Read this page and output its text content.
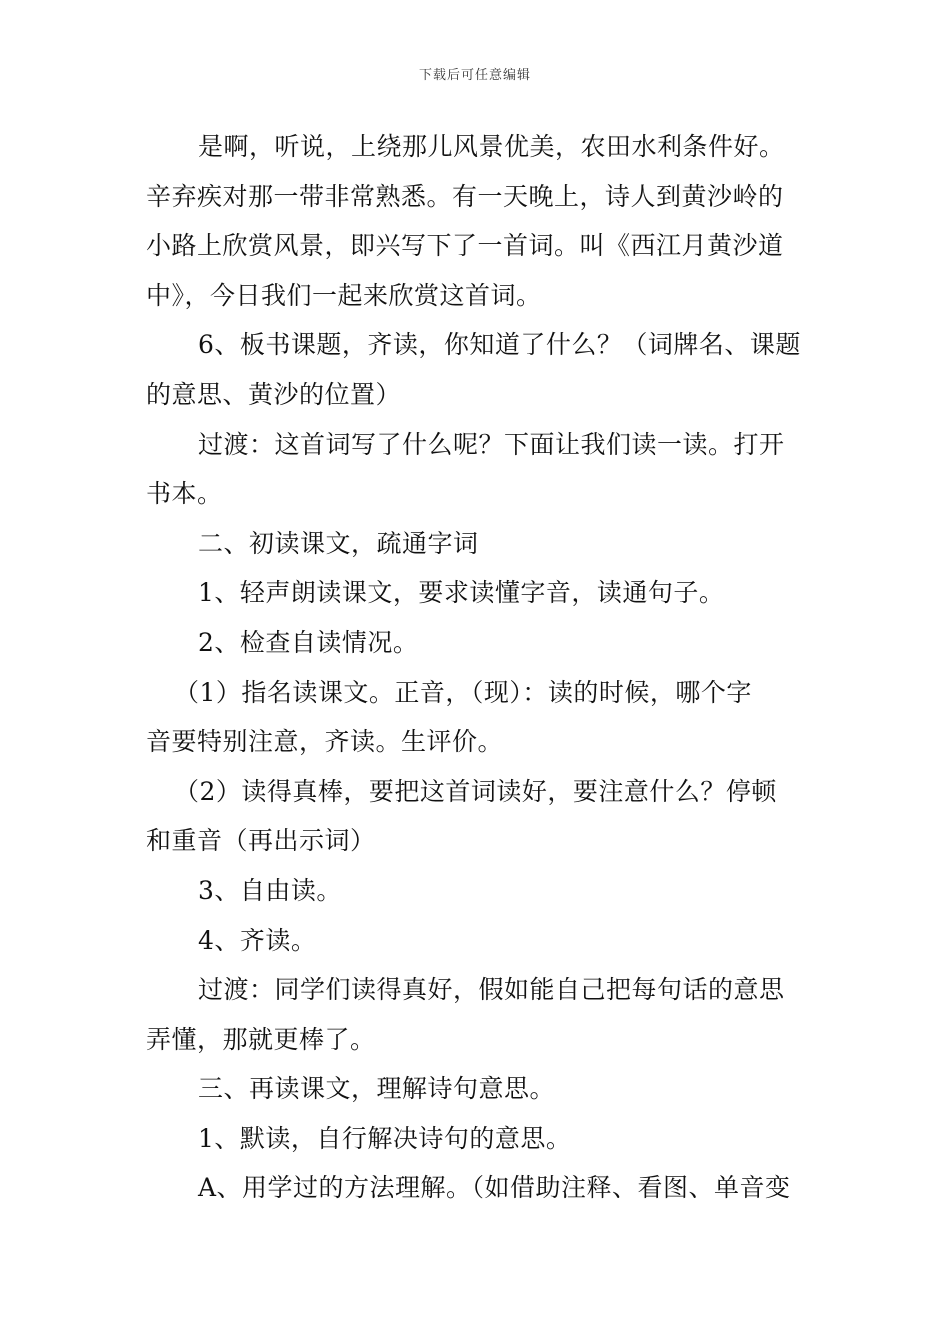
下载后可任意编辑
是啊，听说，上绕那儿风景优美，农田水利条件好。
辛弃疾对那一带非常熟悉。有一天晚上，诗人到黄沙岭的
小路上欣赏风景，即兴写下了一首词。叫《西江月黄沙道
中》，今日我们一起来欣赏这首词。
6、板书课题，齐读，你知道了什么？（词牌名、课题
的意思、黄沙的位置）
过渡：这首词写了什么呢？下面让我们读一读。打开
书本。
二、初读课文，疏通字词
1、轻声朗读课文，要求读懂字音，读通句子。
2、检查自读情况。
（1）指名读课文。正音，（现）：读的时候，哪个字
音要特别注意，齐读。生评价。
（2）读得真棒，要把这首词读好，要注意什么？停顿
和重音（再出示词）
3、自由读。
4、齐读。
过渡：同学们读得真好，假如能自己把每句话的意思
弄懂，那就更棒了。
三、再读课文，理解诗句意思。
1、默读，自行解决诗句的意思。
A、用学过的方法理解。（如借助注释、看图、单音变
